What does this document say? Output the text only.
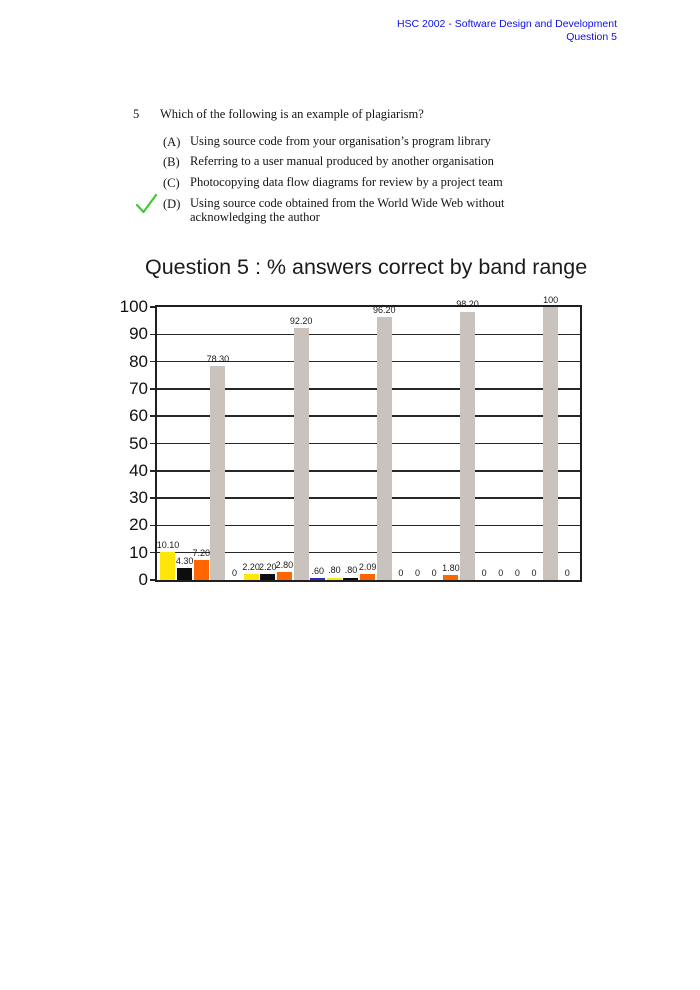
HSC 2002 - Software Design and Development
Question 5
5 Which of the following is an example of plagiarism?
(A) Using source code from your organisation’s program library
(B) Referring to a user manual produced by another organisation
(C) Photocopying data flow diagrams for review by a project team
(D) Using source code obtained from the World Wide Web without acknowledging the author
Question 5 : % answers correct by band range
0
10
20
30
40
50
60
70
80
90
100
10.10
4.30
7.20
78.30
0
2.20 2.20 2.80
92.20
.60 .80 .80 2.09
96.20
0	0	0 1.80
98.20
0	0	0	0
100
0
